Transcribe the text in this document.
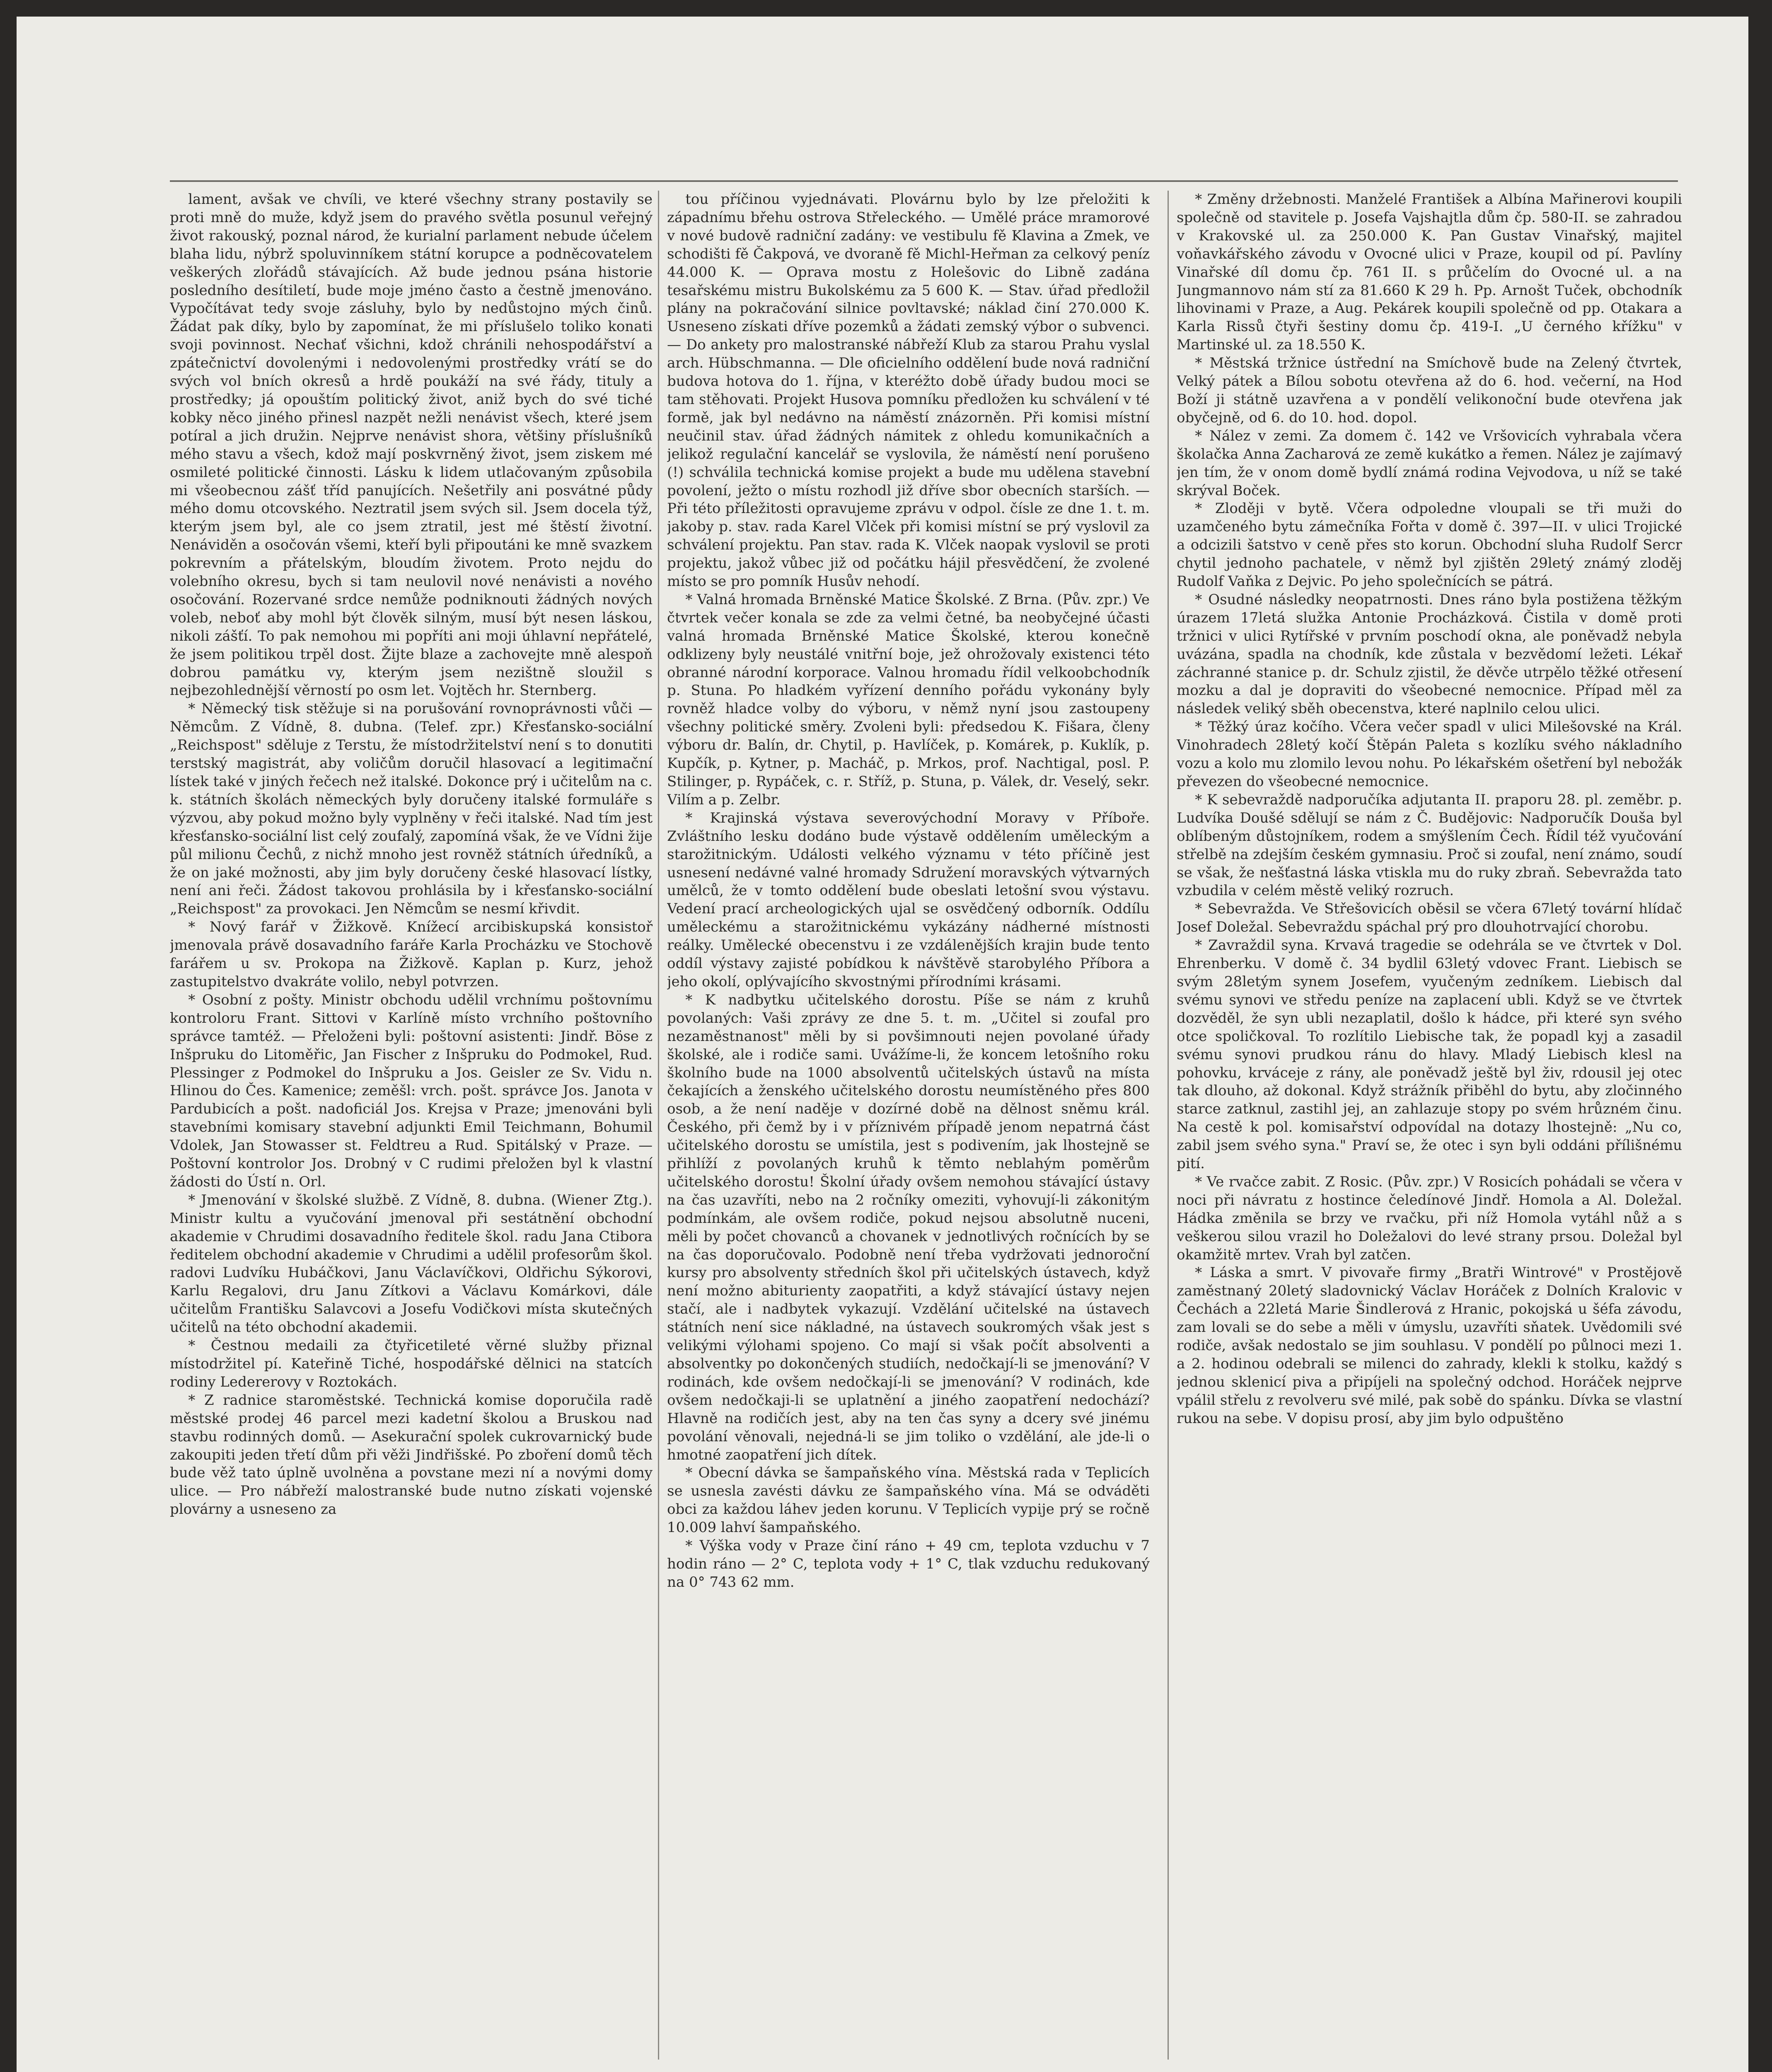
lament, avšak ve chvíli, ve které všechny strany postavily se proti mně do muže, když jsem do pravého světla posunul veřejný život rakouský, poznal národ, že kurialní parlament nebude účelem blaha lidu, nýbrž spoluvinníkem státní korupce a podněcovatelem veškerých zlořádů stávajících. Až bude jednou psána historie posledního desítiletí, bude moje jméno často a čestně jmenováno. Vypočítávat tedy svoje zásluhy, bylo by nedůstojno mých činů. Žádat pak díky, bylo by zapomínat, že mi příslušelo toliko konati svoji povinnost. Nechať všichni, kdož chránili nehospodářství a zpátečnictví dovolenými i nedovolenými prostředky vrátí se do svých vol bních okresů a hrdě poukáží na své řády, tituly a prostředky; já opouštím politický život, aniž bych do své tiché kobky něco jiného přinesl nazpět nežli nenávist všech, které jsem potíral a jich družin. Nejprve nenávist shora, většiny příslušníků mého stavu a všech, kdož mají poskvrněný život, jsem ziskem mé osmileté politické činnosti. Lásku k lidem utlačovaným způsobila mi všeobecnou zášť tříd panujících. Nešetřily ani posvátné půdy mého domu otcovského. Neztratil jsem svých sil. Jsem docela týž, kterým jsem byl, ale co jsem ztratil, jest mé štěstí životní. Nenáviděn a osočován všemi, kteří byli připoutáni ke mně svazkem pokrevním a přátelským, bloudím životem. Proto nejdu do volebního okresu, bych si tam neulovil nové nenávisti a nového osočování. Rozervané srdce nemůže podniknouti žádných nových voleb, neboť aby mohl být člověk silným, musí být nesen láskou, nikoli zášťí. To pak nemohou mi popříti ani moji úhlavní nepřátelé, že jsem politikou trpěl dost. Žijte blaze a zachovejte mně alespoň dobrou památku vy, kterým jsem nezištně sloužil s nejbezohlednější věrností po osm let. Vojtěch hr. Sternberg.

* Německý tisk stěžuje si na porušování rovnoprávnosti vůči — Němcům. Z Vídně, 8. dubna. (Telef. zpr.) Křesťansko-sociální „Reichspost" sděluje z Terstu, že místodržitelství není s to donutiti terstský magistrát, aby voličům doručil hlasovací a legitimační lístek také v jiných řečech než italské. Dokonce prý i učitelům na c. k. státních školách německých byly doručeny italské formuláře s výzvou, aby pokud možno byly vyplněny v řeči italské. Nad tím jest křesťansko-sociální list celý zoufalý, zapomíná však, že ve Vídni žije půl milionu Čechů, z nichž mnoho jest rovněž státních úředníků, a že on jaké možnosti, aby jim byly doručeny české hlasovací lístky, není ani řeči. Žádost takovou prohlásila by i křesťansko-sociální „Reichspost" za provokaci. Jen Němcům se nesmí křivdit.

* Nový farář v Žižkově. Knížecí arcibiskupská konsistoř jmenovala právě dosavadního faráře Karla Procházku ve Stochově farářem u sv. Prokopa na Žižkově. Kaplan p. Kurz, jehož zastupitelstvo dvakráte volilo, nebyl potvrzen.

* Osobní z pošty. Ministr obchodu udělil vrchnímu poštovnímu kontroloru Frant. Sittovi v Karlíně místo vrchního poštovního správce tamtéž. — Přeloženi byli: poštovní asistenti: Jindř. Böse z Inšpruku do Litoměřic, Jan Fischer z Inšpruku do Podmokel, Rud. Plessinger z Podmokel do Inšpruku a Jos. Geisler ze Sv. Vidu n. Hlinou do Čes. Kamenice; zeměšl: vrch. pošt. správce Jos. Janota v Pardubicích a pošt. nadoficiál Jos. Krejsa v Praze; jmenováni byli stavebními komisary stavební adjunkti Emil Teichmann, Bohumil Vdolek, Jan Stowasser st. Feldtreu a Rud. Spitálský v Praze. — Poštovní kontrolor Jos. Drobný v C rudimi přeložen byl k vlastní žádosti do Ústí n. Orl.

* Jmenování v školské službě. Z Vídně, 8. dubna. (Wiener Ztg.). Ministr kultu a vyučování jmenoval při sestátnění obchodní akademie v Chrudimi dosavadního ředitele škol. radu Jana Ctibora ředitelem obchodní akademie v Chrudimi a udělil profesorům škol. radovi Ludvíku Hubáčkovi, Janu Václavíčkovi, Oldřichu Sýkorovi, Karlu Regalovi, dru Janu Zítkovi a Václavu Komárkovi, dále učitelům Františku Salavcovi a Josefu Vodičkovi místa skutečných učitelů na této obchodní akademii.

* Čestnou medaili za čtyřicetileté věrné služby přiznal místodržitel pí. Kateřině Tiché, hospodářské dělnici na statcích rodiny Ledererovy v Roztokách.

* Z radnice staroměstské. Technická komise doporučila radě městské prodej 46 parcel mezi kadetní školou a Bruskou nad stavbu rodinných domů. — Asekurační spolek cukrovarnický bude zakoupiti jeden třetí dům při věži Jindřišské. Po zboření domů těch bude věž tato úplně uvolněna a povstane mezi ní a novými domy ulice. — Pro nábřeží malostranské bude nutno získati vojenské plovárny a usneseno za

tou příčinou vyjednávati. Plovárnu bylo by lze přeložiti k západnímu břehu ostrova Střeleckého. — Umělé práce mramorové v nové budově radniční zadány: ve vestibulu fě Klavina a Zmek, ve schodišti fě Čakpová, ve dvoraně fě Michl-Heřman za celkový peníz 44.000 K. — Oprava mostu z Holešovic do Libně zadána tesařskému mistru Bukolskému za 5 600 K. — Stav. úřad předložil plány na pokračování silnice povltavské; náklad činí 270.000 K. Usneseno získati dříve pozemků a žádati zemský výbor o subvenci. — Do ankety pro malostranské nábřeží Klub za starou Prahu vyslal arch. Hübschmanna. — Dle oficielního oddělení bude nová radniční budova hotova do 1. října, v kteréžto době úřady budou moci se tam stěhovati. Projekt Husova pomníku předložen ku schválení v té formě, jak byl nedávno na náměstí znázorněn. Při komisi místní neučinil stav. úřad žádných námitek z ohledu komunikačních a jelikož regulační kancelář se vyslovila, že náměstí není porušeno (!) schválila technická komise projekt a bude mu udělena stavební povolení, ježto o místu rozhodl již dříve sbor obecních starších. — Při této příležitosti opravujeme zprávu v odpol. čísle ze dne 1. t. m. jakoby p. stav. rada Karel Vlček při komisi místní se prý vyslovil za schválení projektu. Pan stav. rada K. Vlček naopak vyslovil se proti projektu, jakož vůbec již od počátku hájil přesvědčení, že zvolené místo se pro pomník Husův nehodí.

* Valná hromada Brněnské Matice Školské. Z Brna. (Pův. zpr.) Ve čtvrtek večer konala se zde za velmi četné, ba neobyčejné účasti valná hromada Brněnské Matice Školské, kterou konečně odklizeny byly neustálé vnitřní boje, jež ohrožovaly existenci této obranné národní korporace. Valnou hromadu řídil velkoobchodník p. Stuna. Po hladkém vyřízení denního pořádu vykonány byly rovněž hladce volby do výboru, v němž nyní jsou zastoupeny všechny politické směry. Zvoleni byli: předsedou K. Fišara, členy výboru dr. Balín, dr. Chytil, p. Havlíček, p. Komárek, p. Kuklík, p. Kupčík, p. Kytner, p. Macháč, p. Mrkos, prof. Nachtigal, posl. P. Stilinger, p. Rypáček, c. r. Stříž, p. Stuna, p. Válek, dr. Veselý, sekr. Vilím a p. Zelbr.

* Krajinská výstava severovýchodní Moravy v Příboře. Zvláštního lesku dodáno bude výstavě oddělením uměleckým a starožitnickým. Události velkého významu v této příčině jest usnesení nedávné valné hromady Sdružení moravských výtvarných umělců, že v tomto oddělení bude obeslati letošní svou výstavu. Vedení prací archeologických ujal se osvědčený odborník. Oddílu uměleckému a starožitnickému vykázány nádherné místnosti reálky. Umělecké obecenstvu i ze vzdálenějších krajin bude tento oddíl výstavy zajisté pobídkou k návštěvě starobylého Příbora a jeho okolí, oplývajícího skvostnými přírodními krásami.

* K nadbytku učitelského dorostu. Píše se nám z kruhů povolaných: Vaši zprávy ze dne 5. t. m. „Učitel si zoufal pro nezaměstnanost" měli by si povšimnouti nejen povolané úřady školské, ale i rodiče sami. Uvážíme-li, že koncem letošního roku školního bude na 1000 absolventů učitelských ústavů na místa čekajících a ženského učitelského dorostu neumístěného přes 800 osob, a že není naděje v dozírné době na dělnost sněmu král. Českého, při čemž by i v příznivém případě jenom nepatrná část učitelského dorostu se umístila, jest s podivením, jak lhostejně se přihlíží z povolaných kruhů k těmto neblahým poměrům učitelského dorostu! Školní úřady ovšem nemohou stávající ústavy na čas uzavříti, nebo na 2 ročníky omeziti, vyhovují-li zákonitým podmínkám, ale ovšem rodiče, pokud nejsou absolutně nuceni, měli by počet chovanců a chovanek v jednotlivých ročnících by se na čas doporučovalo. Podobně není třeba vydržovati jednoroční kursy pro absolventy středních škol při učitelských ústavech, když není možno abiturienty zaopatřiti, a když stávající ústavy nejen stačí, ale i nadbytek vykazují. Vzdělání učitelské na ústavech státních není sice nákladné, na ústavech soukromých však jest s velikými výlohami spojeno. Co mají si však počít absolventi a absolventky po dokončených studiích, nedočkají-li se jmenování? V rodinách, kde ovšem nedočkají-li se jmenování? V rodinách, kde ovšem nedočkaji-li se uplatnění a jiného zaopatření nedochází? Hlavně na rodičích jest, aby na ten čas syny a dcery své jinému povolání věnovali, nejedná-li se jim toliko o vzdělání, ale jde-li o hmotné zaopatření jich dítek.

* Obecní dávka se šampaňského vína. Městská rada v Teplicích se usnesla zavésti dávku ze šampaňského vína. Má se odváděti obci za každou láhev jeden korunu. V Teplicích vypije prý se ročně 10.009 lahví šampaňského.

* Výška vody v Praze činí ráno + 49 cm, teplota vzduchu v 7 hodin ráno — 2° C, teplota vody + 1° C, tlak vzduchu redukovaný na 0° 743 62 mm.

* Změny držebnosti. Manželé František a Albína Mařinerovi koupili společně od stavitele p. Josefa Vajshajtla dům čp. 580-II. se zahradou v Krakovské ul. za 250.000 K. Pan Gustav Vinařský, majitel voňavkářského závodu v Ovocné ulici v Praze, koupil od pí. Pavlíny Vinařské díl domu čp. 761 II. s průčelím do Ovocné ul. a na Jungmannovo nám stí za 81.660 K 29 h. Pp. Arnošt Tuček, obchodník lihovinami v Praze, a Aug. Pekárek koupili společně od pp. Otakara a Karla Rissů čtyři šestiny domu čp. 419-I. „U černého křížku" v Martinské ul. za 18.550 K.

* Městská tržnice ústřední na Smíchově bude na Zelený čtvrtek, Velký pátek a Bílou sobotu otevřena až do 6. hod. večerní, na Hod Boží ji státně uzavřena a v pondělí velikonoční bude otevřena jak obyčejně, od 6. do 10. hod. dopol.

* Nález v zemi. Za domem č. 142 ve Vršovicích vyhrabala včera školačka Anna Zacharová ze země kukátko a řemen. Nález je zajímavý jen tím, že v onom domě bydlí známá rodina Vejvodova, u níž se také skrýval Boček.

* Zloději v bytě. Včera odpoledne vloupali se tři muži do uzamčeného bytu zámečníka Fořta v domě č. 397—II. v ulici Trojické a odcizili šatstvo v ceně přes sto korun. Obchodní sluha Rudolf Sercr chytil jednoho pachatele, v němž byl zjištěn 29letý známý zloděj Rudolf Vaňka z Dejvic. Po jeho společnících se pátrá.

* Osudné následky neopatrnosti. Dnes ráno byla postižena těžkým úrazem 17letá služka Antonie Procházková. Čistila v domě proti tržnici v ulici Rytířské v prvním poschodí okna, ale poněvadž nebyla uvázána, spadla na chodník, kde zůstala v bezvědomí ležeti. Lékař záchranné stanice p. dr. Schulz zjistil, že děvče utrpělo těžké otřesení mozku a dal je dopraviti do všeobecné nemocnice. Případ měl za následek veliký sběh obecenstva, které naplnilo celou ulici.

* Těžký úraz kočího. Včera večer spadl v ulici Milešovské na Král. Vinohradech 28letý kočí Štěpán Paleta s kozlíku svého nákladního vozu a kolo mu zlomilo levou nohu. Po lékařském ošetření byl nebožák převezen do všeobecné nemocnice.

* K sebevraždě nadporučíka adjutanta II. praporu 28. pl. zeměbr. p. Ludvíka Doušé sdělují se nám z Č. Budějovic: Nadporučík Douša byl oblíbeným důstojníkem, rodem a smýšlením Čech. Řídil též vyučování střelbě na zdejším českém gymnasiu. Proč si zoufal, není známo, soudí se však, že nešťastná láska vtiskla mu do ruky zbraň. Sebevražda tato vzbudila v celém městě veliký rozruch.

* Sebevražda. Ve Střešovicích oběsil se včera 67letý tovární hlídač Josef Doležal. Sebevraždu spáchal prý pro dlouhotrvající chorobu.

* Zavraždil syna. Krvavá tragedie se odehrála se ve čtvrtek v Dol. Ehrenberku. V domě č. 34 bydlil 63letý vdovec Frant. Liebisch se svým 28letým synem Josefem, vyučeným zedníkem. Liebisch dal svému synovi ve středu peníze na zaplacení ubli. Když se ve čtvrtek dozvěděl, že syn ubli nezaplatil, došlo k hádce, při které syn svého otce spoličkoval. To rozlítilo Liebische tak, že popadl kyj a zasadil svému synovi prudkou ránu do hlavy. Mladý Liebisch klesl na pohovku, krváceje z rány, ale poněvadž ještě byl živ, rdousil jej otec tak dlouho, až dokonal. Když strážník přiběhl do bytu, aby zločinného starce zatknul, zastihl jej, an zahlazuje stopy po svém hrůzném činu. Na cestě k pol. komisařství odpovídal na dotazy lhostejně: „Nu co, zabil jsem svého syna." Praví se, že otec i syn byli oddáni přílišnému pití.

* Ve rvačce zabit. Z Rosic. (Pův. zpr.) V Rosicích pohádali se včera v noci při návratu z hostince čeledínové Jindř. Homola a Al. Doležal. Hádka změnila se brzy ve rvačku, při níž Homola vytáhl nůž a s veškerou silou vrazil ho Doležalovi do levé strany prsou. Doležal byl okamžitě mrtev. Vrah byl zatčen.

* Láska a smrt. V pivovaře firmy „Bratři Wintrové" v Prostějově zaměstnaný 20letý sladovnický Václav Horáček z Dolních Kralovic v Čechách a 22letá Marie Šindlerová z Hranic, pokojská u šéfa závodu, zam lovali se do sebe a měli v úmyslu, uzavříti sňatek. Uvědomili své rodiče, avšak nedostalo se jim souhlasu. V pondělí po půlnoci mezi 1. a 2. hodinou odebrali se milenci do zahrady, klekli k stolku, každý s jednou sklenicí piva a připíjeli na společný odchod. Horáček nejprve vpálil střelu z revolveru své milé, pak sobě do spánku. Dívka se vlastní rukou na sebe. V dopisu prosí, aby jim bylo odpuštěno
